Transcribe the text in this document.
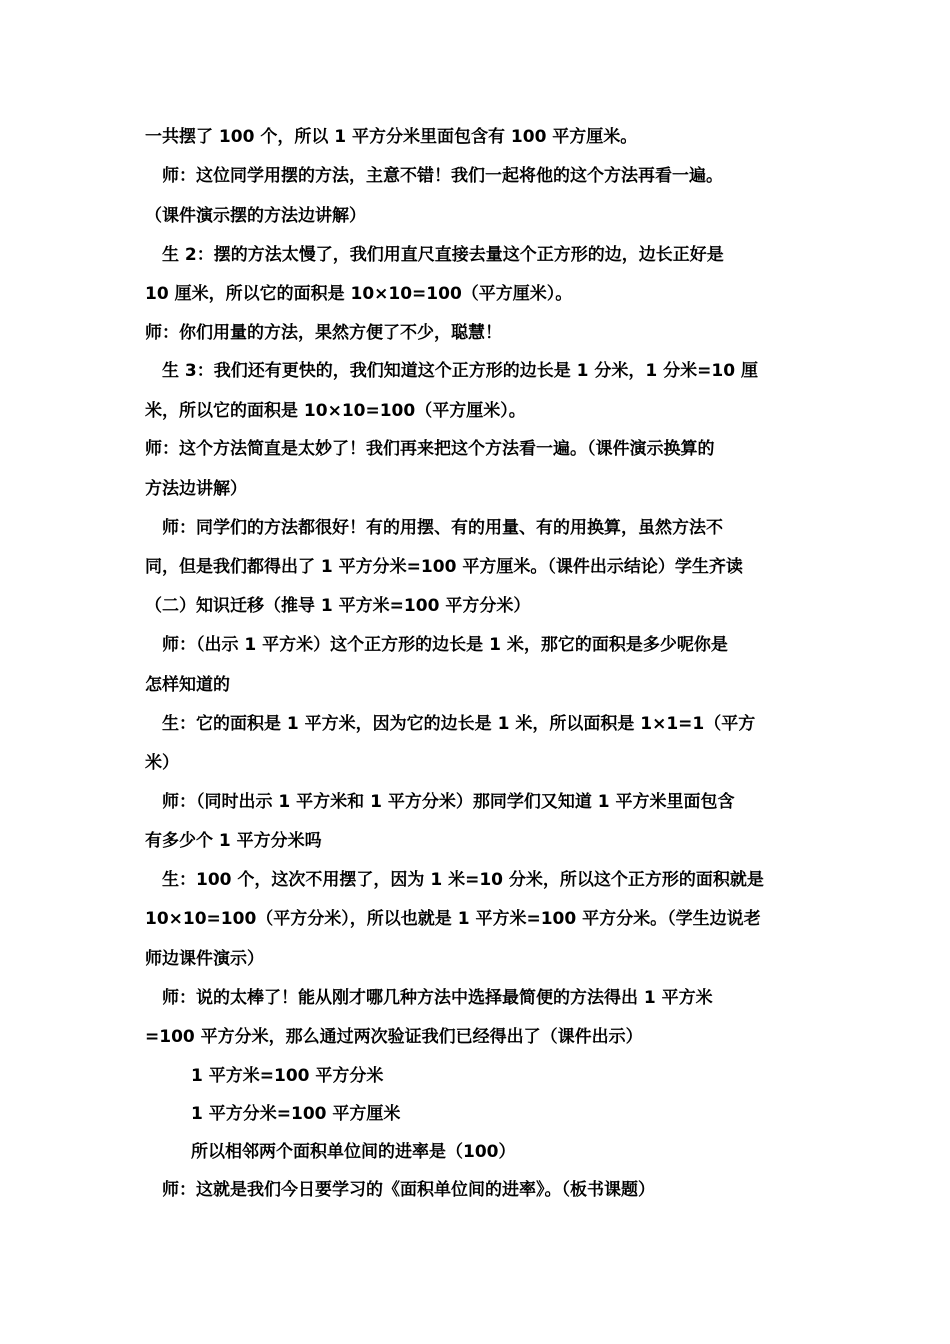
一共摆了 100 个，所以 1 平方分米里面包含有 100 平方厘米。
师：这位同学用摆的方法，主意不错！我们一起将他的这个方法再看一遍。
（课件演示摆的方法边讲解）
生 2：摆的方法太慢了，我们用直尺直接去量这个正方形的边，边长正好是
10 厘米，所以它的面积是 10×10=100（平方厘米）。
师：你们用量的方法，果然方便了不少，聪慧！
生 3：我们还有更快的，我们知道这个正方形的边长是 1 分米，1 分米=10 厘
米，所以它的面积是 10×10=100（平方厘米）。
师：这个方法简直是太妙了！我们再来把这个方法看一遍。（课件演示换算的
方法边讲解）
师：同学们的方法都很好！有的用摆、有的用量、有的用换算，虽然方法不
同，但是我们都得出了 1 平方分米=100 平方厘米。（课件出示结论）学生齐读
（二）知识迁移（推导 1 平方米=100 平方分米）
师：（出示 1 平方米）这个正方形的边长是 1 米，那它的面积是多少呢你是
怎样知道的
生：它的面积是 1 平方米，因为它的边长是 1 米，所以面积是 1×1=1（平方
米）
师：（同时出示 1 平方米和 1 平方分米）那同学们又知道 1 平方米里面包含
有多少个 1 平方分米吗
生：100 个，这次不用摆了，因为 1 米=10 分米，所以这个正方形的面积就是
10×10=100（平方分米），所以也就是 1 平方米=100 平方分米。（学生边说老
师边课件演示）
师：说的太棒了！能从刚才哪几种方法中选择最简便的方法得出 1 平方米
=100 平方分米，那么通过两次验证我们已经得出了（课件出示）
1 平方米=100 平方分米
1 平方分米=100 平方厘米
所以相邻两个面积单位间的进率是（100）
师：这就是我们今日要学习的《面积单位间的进率》。（板书课题）
